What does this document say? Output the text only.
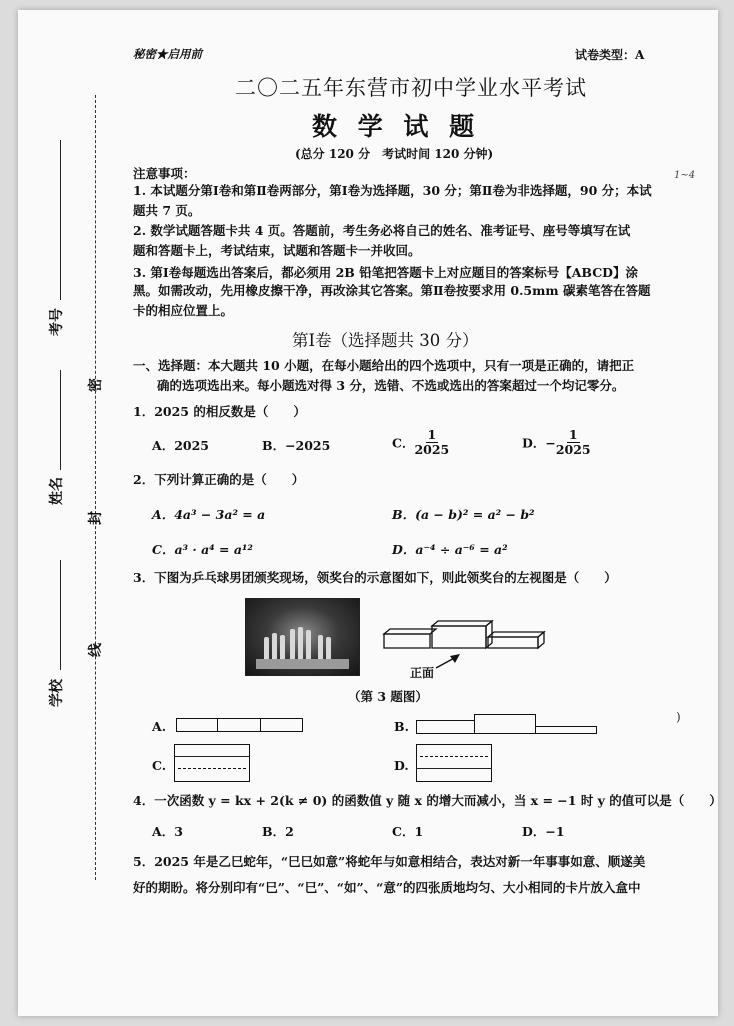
考号
姓名
学校
密
封
线
秘密★启用前	试卷类型：A
二〇二五年东营市初中学业水平考试
数 学 试 题
(总分 120 分　考试时间 120 分钟)
1~4
注意事项：
1. 本试题分第Ⅰ卷和第Ⅱ卷两部分，第Ⅰ卷为选择题，30 分；第Ⅱ卷为非选择题，90 分；本试
题共 7 页。
2. 数学试题答题卡共 4 页。答题前，考生务必将自己的姓名、准考证号、座号等填写在试
题和答题卡上，考试结束，试题和答题卡一并收回。
3. 第Ⅰ卷每题选出答案后，都必须用 2B 铅笔把答题卡上对应题目的答案标号【ABCD】涂
黑。如需改动，先用橡皮擦干净，再改涂其它答案。第Ⅱ卷按要求用 0.5mm 碳素笔答在答题
卡的相应位置上。
第Ⅰ卷（选择题共 30 分）
一、选择题：本大题共 10 小题，在每小题给出的四个选项中，只有一项是正确的，请把正
确的选项选出来。每小题选对得 3 分，选错、不选或选出的答案超过一个均记零分。
1．2025 的相反数是（　　）
A．2025	B．−2025	C． $\frac{1}{2025}$	D．− $\frac{1}{2025}$
2．下列计算正确的是（　　）
A．4a³ − 3a² = a	B．(a − b)² = a² − b²
C．a³ · a⁴ = a¹²	D．a⁻⁴ ÷ a⁻⁶ = a²
3．下图为乒乓球男团颁奖现场，领奖台的示意图如下，则此领奖台的左视图是（　　）
正面
（第 3 题图）
A.	B.
C.	D.
)
4．一次函数 y = kx + 2(k ≠ 0) 的函数值 y 随 x 的增大而减小，当 x = −1 时 y 的值可以是（　　）
A．3	B．2	C．1	D．−1
5．2025 年是乙巳蛇年，“巳巳如意”将蛇年与如意相结合，表达对新一年事事如意、顺遂美
好的期盼。将分别印有“巳”、“巳”、“如”、“意”的四张质地均匀、大小相同的卡片放入盒中
